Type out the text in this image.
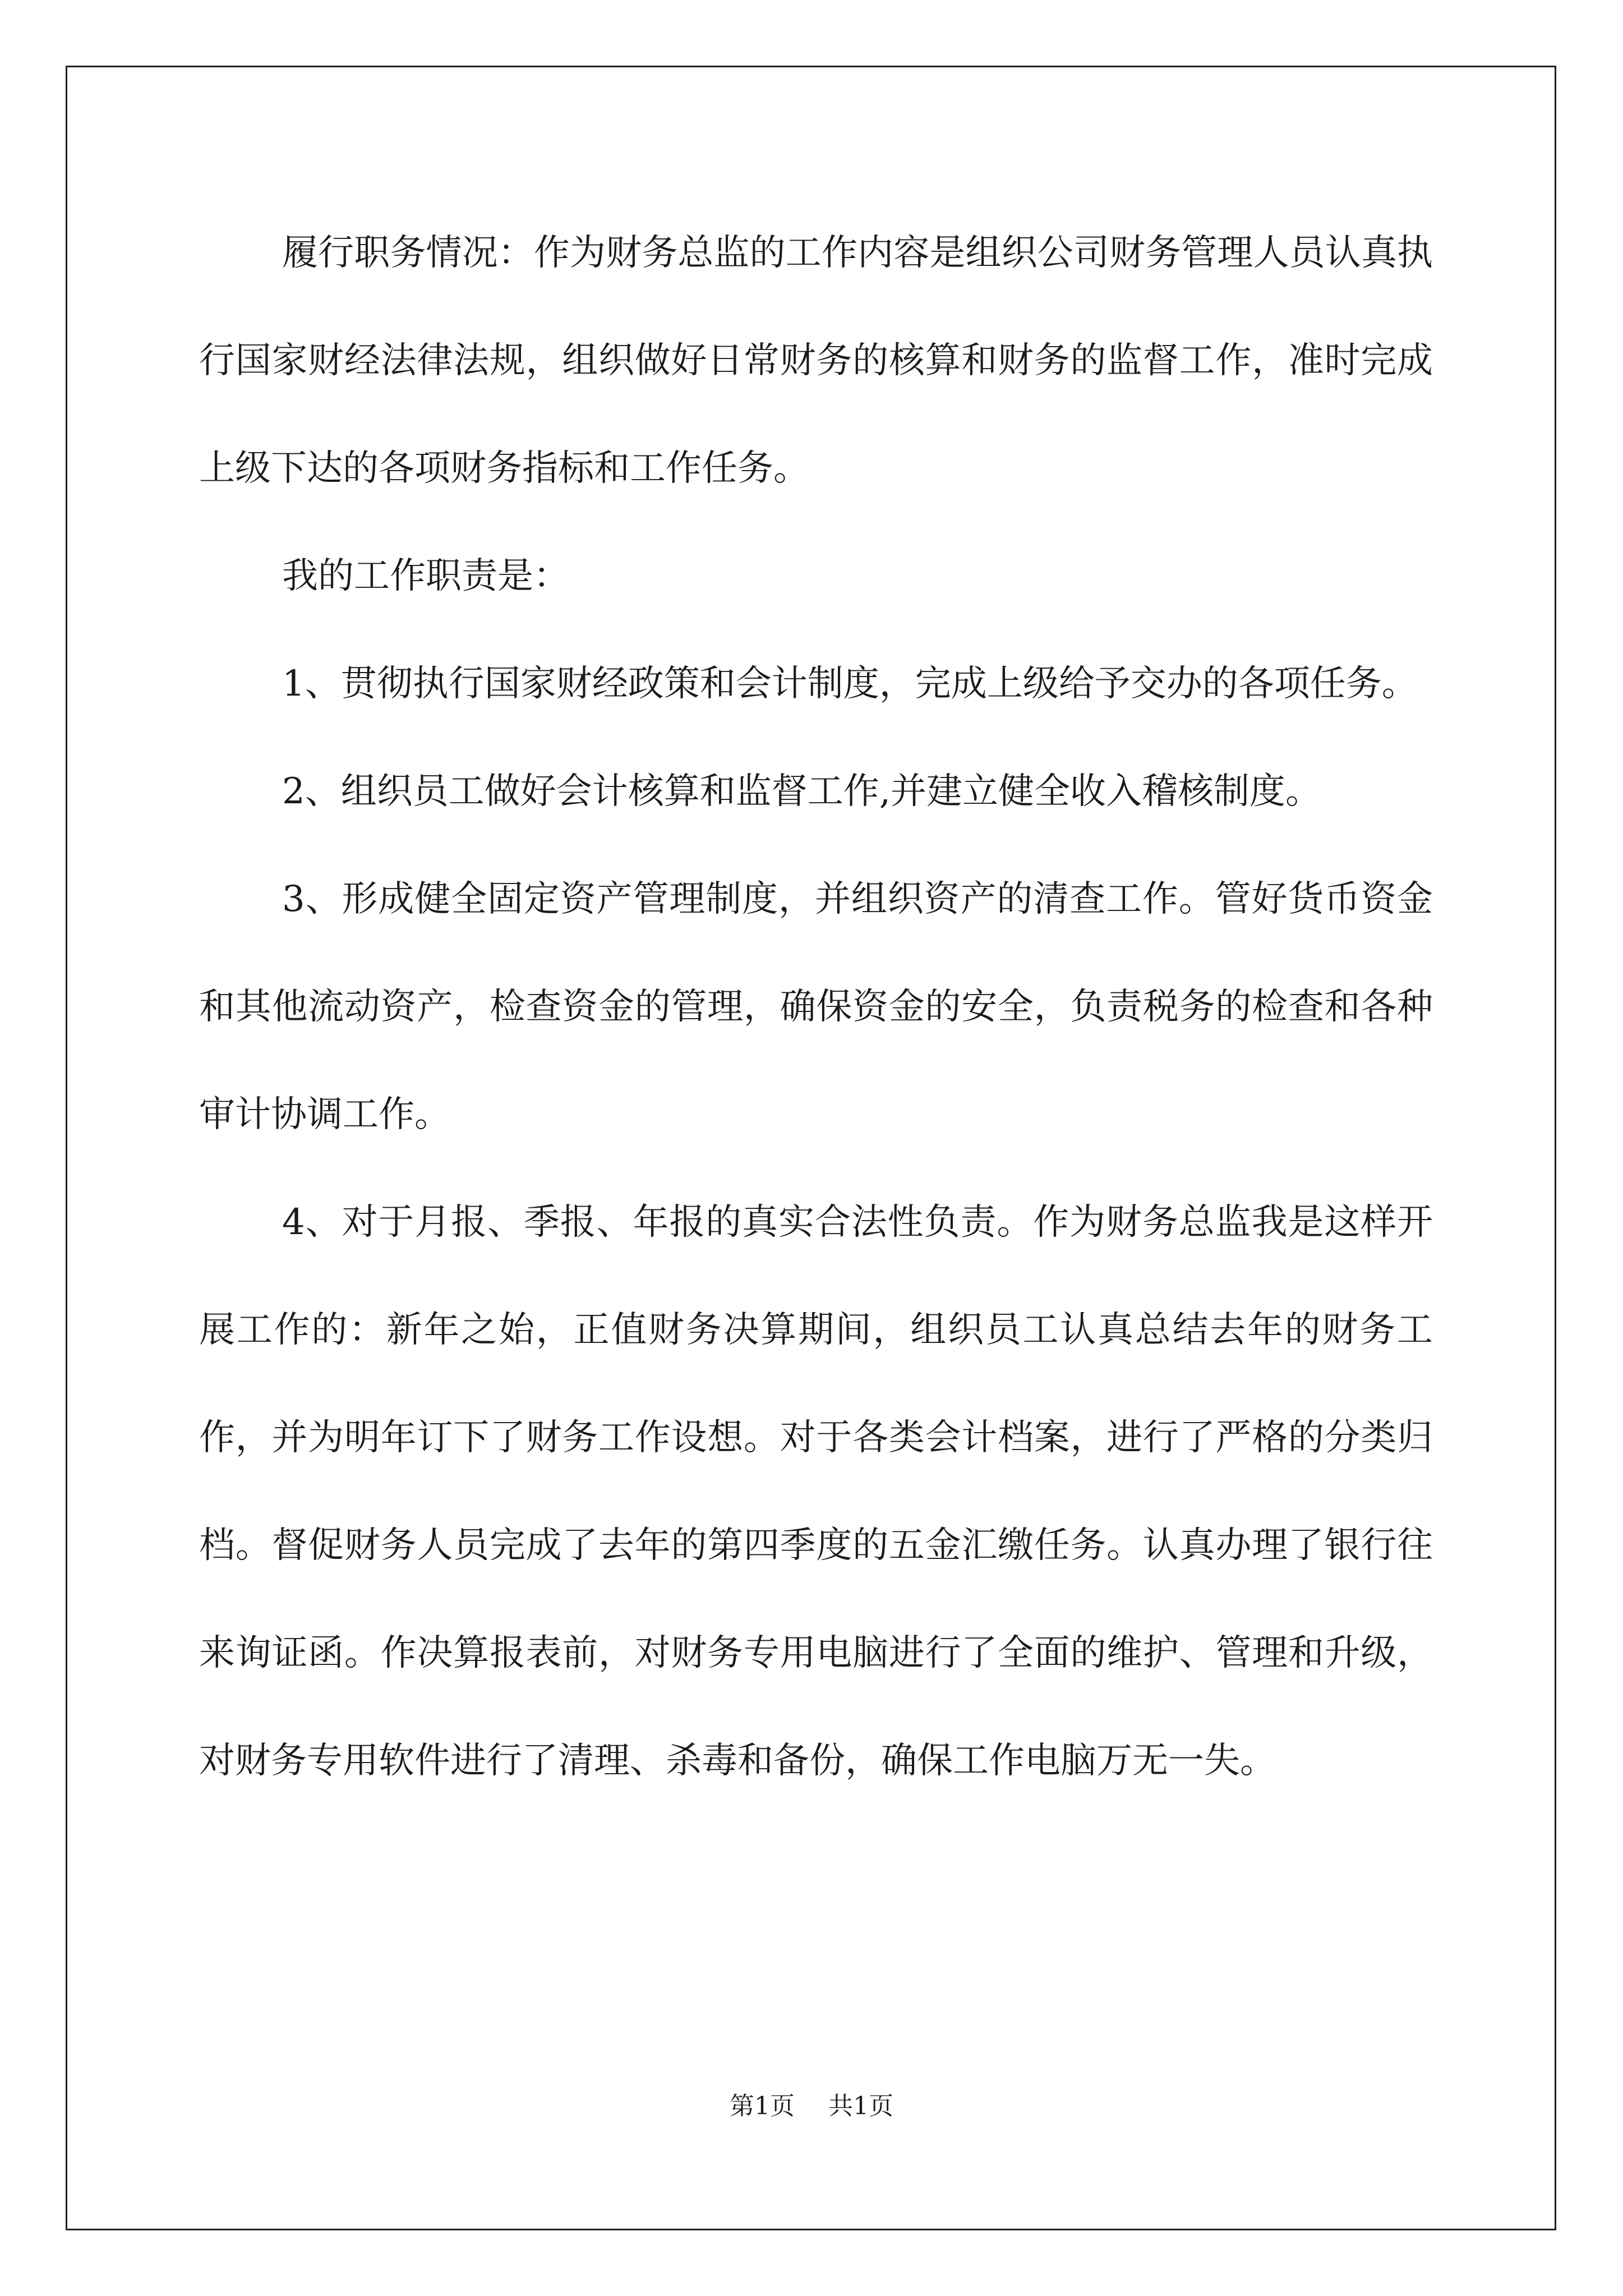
履行职务情况：作为财务总监的工作内容是组织公司财务管理人员认真执行国家财经法律法规，组织做好日常财务的核算和财务的监督工作，准时完成上级下达的各项财务指标和工作任务。

我的工作职责是：

1、贯彻执行国家财经政策和会计制度，完成上级给予交办的各项任务。

2、组织员工做好会计核算和监督工作,并建立健全收入稽核制度。

3、形成健全固定资产管理制度，并组织资产的清查工作。管好货币资金和其他流动资产，检查资金的管理，确保资金的安全，负责税务的检查和各种审计协调工作。

4、对于月报、季报、年报的真实合法性负责。作为财务总监我是这样开展工作的：新年之始，正值财务决算期间，组织员工认真总结去年的财务工作，并为明年订下了财务工作设想。对于各类会计档案，进行了严格的分类归档。督促财务人员完成了去年的第四季度的五金汇缴任务。认真办理了银行往来询证函。作决算报表前，对财务专用电脑进行了全面的维护、管理和升级，对财务专用软件进行了清理、杀毒和备份，确保工作电脑万无一失。

第1页 共1页
